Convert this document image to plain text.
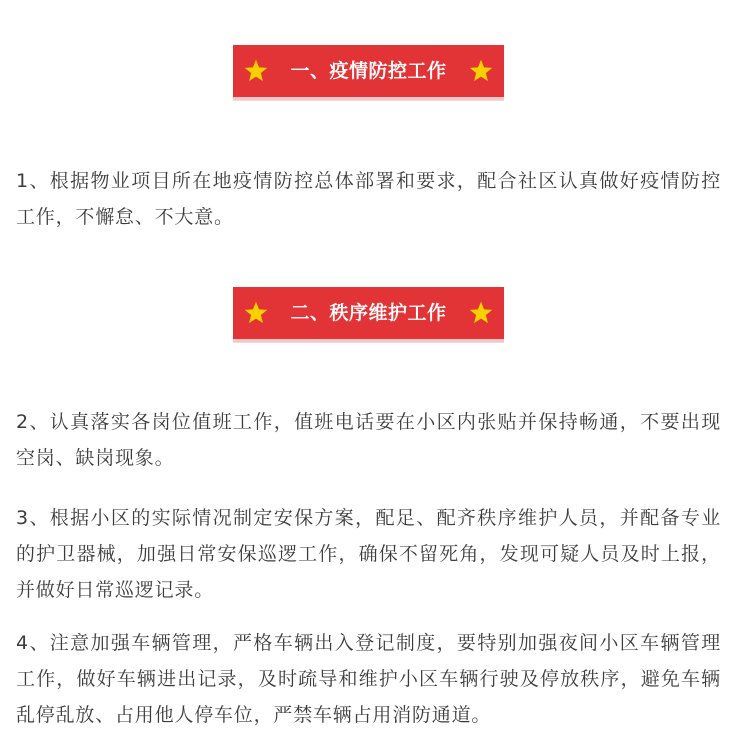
一、疫情防控工作

1、根据物业项目所在地疫情防控总体部署和要求，配合社区认真做好疫情防控工作，不懈怠、不大意。

二、秩序维护工作

2、认真落实各岗位值班工作，值班电话要在小区内张贴并保持畅通，不要出现空岗、缺岗现象。

3、根据小区的实际情况制定安保方案，配足、配齐秩序维护人员，并配备专业的护卫器械，加强日常安保巡逻工作，确保不留死角，发现可疑人员及时上报，并做好日常巡逻记录。

4、注意加强车辆管理，严格车辆出入登记制度，要特别加强夜间小区车辆管理工作，做好车辆进出记录，及时疏导和维护小区车辆行驶及停放秩序，避免车辆乱停乱放、占用他人停车位，严禁车辆占用消防通道。
